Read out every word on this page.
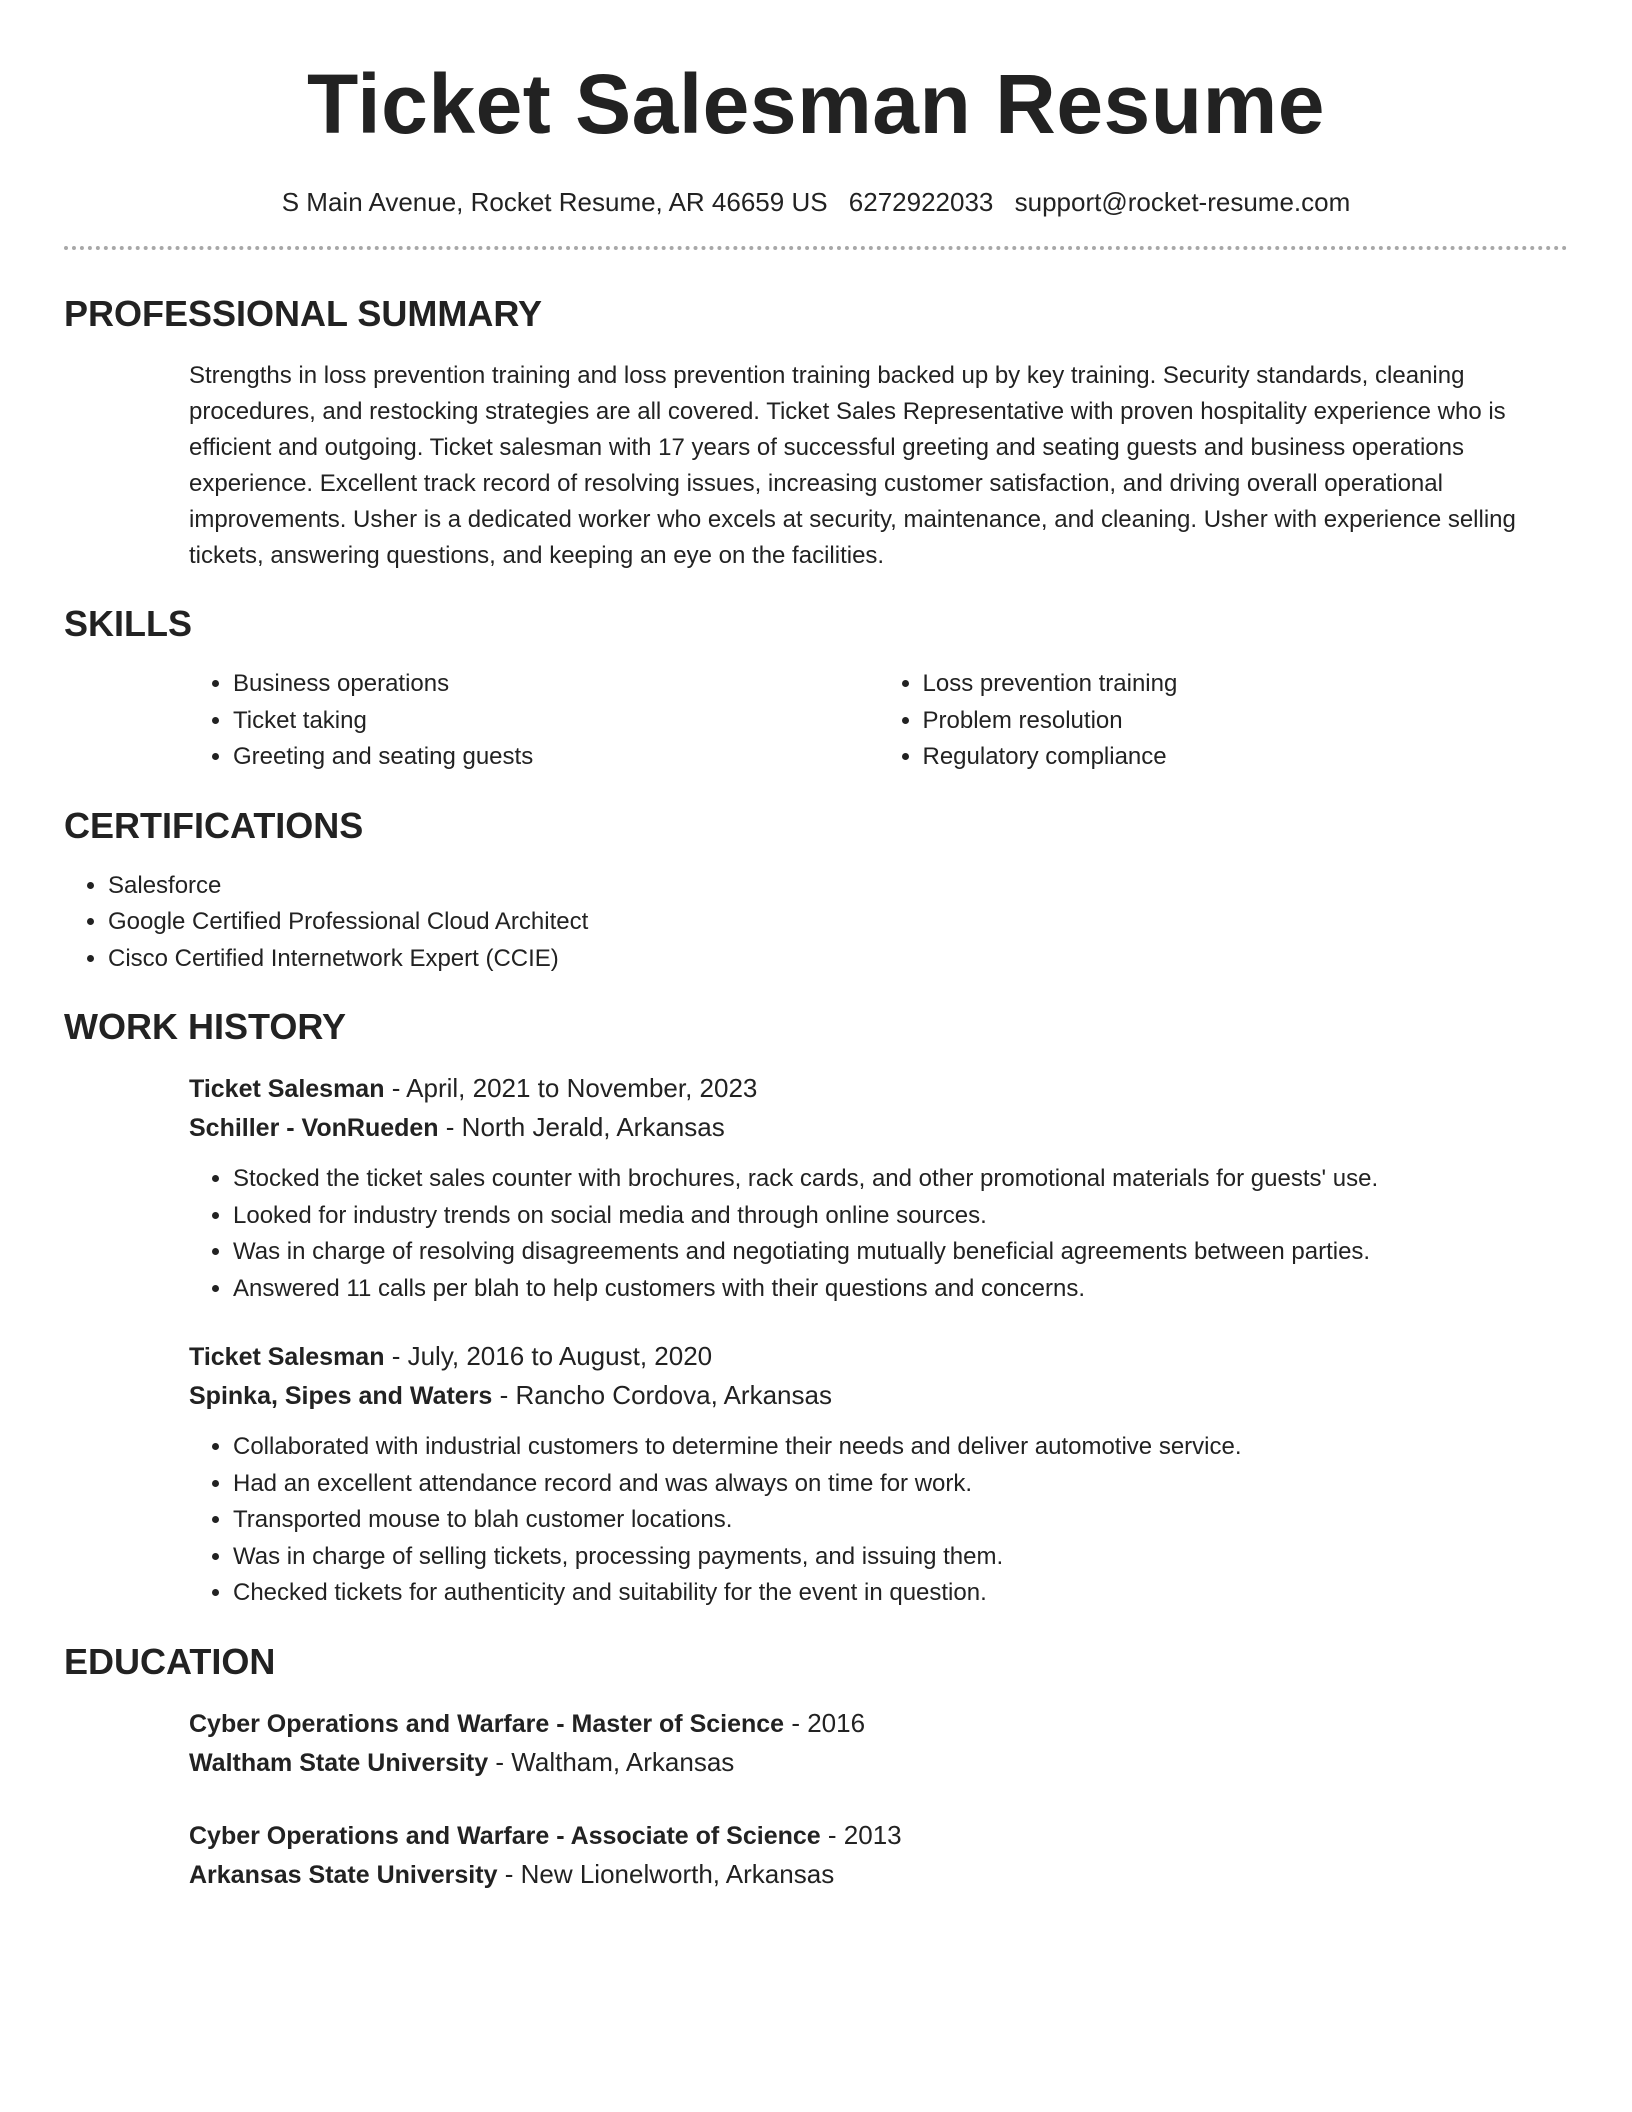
Ticket Salesman Resume
S Main Avenue, Rocket Resume, AR 46659 US 6272922033 support@rocket-resume.com
PROFESSIONAL SUMMARY
Strengths in loss prevention training and loss prevention training backed up by key training. Security standards, cleaning procedures, and restocking strategies are all covered. Ticket Sales Representative with proven hospitality experience who is efficient and outgoing. Ticket salesman with 17 years of successful greeting and seating guests and business operations experience. Excellent track record of resolving issues, increasing customer satisfaction, and driving overall operational improvements. Usher is a dedicated worker who excels at security, maintenance, and cleaning. Usher with experience selling tickets, answering questions, and keeping an eye on the facilities.
SKILLS
• Business operations
• Ticket taking
• Greeting and seating guests
• Loss prevention training
• Problem resolution
• Regulatory compliance
CERTIFICATIONS
• Salesforce
• Google Certified Professional Cloud Architect
• Cisco Certified Internetwork Expert (CCIE)
WORK HISTORY
Ticket Salesman - April, 2021 to November, 2023
Schiller - VonRueden - North Jerald, Arkansas
• Stocked the ticket sales counter with brochures, rack cards, and other promotional materials for guests' use.
• Looked for industry trends on social media and through online sources.
• Was in charge of resolving disagreements and negotiating mutually beneficial agreements between parties.
• Answered 11 calls per blah to help customers with their questions and concerns.
Ticket Salesman - July, 2016 to August, 2020
Spinka, Sipes and Waters - Rancho Cordova, Arkansas
• Collaborated with industrial customers to determine their needs and deliver automotive service.
• Had an excellent attendance record and was always on time for work.
• Transported mouse to blah customer locations.
• Was in charge of selling tickets, processing payments, and issuing them.
• Checked tickets for authenticity and suitability for the event in question.
EDUCATION
Cyber Operations and Warfare - Master of Science - 2016
Waltham State University - Waltham, Arkansas
Cyber Operations and Warfare - Associate of Science - 2013
Arkansas State University - New Lionelworth, Arkansas
